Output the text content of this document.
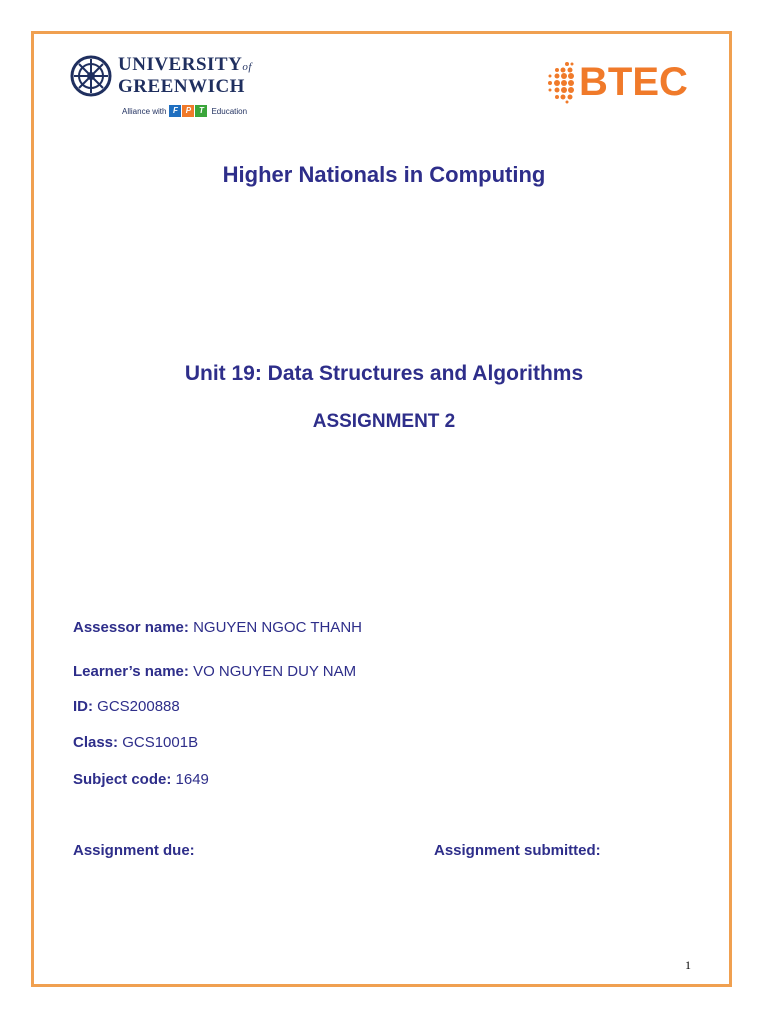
UNIVERSITYof
GREENWICH
Alliance with F P T Education
BTEC
Higher Nationals in Computing
Unit 19: Data Structures and Algorithms
ASSIGNMENT 2

Assessor name: NGUYEN NGOC THANH

Learner’s name: VO NGUYEN DUY NAM

ID: GCS200888

Class: GCS1001B

Subject code: 1649

Assignment due:	Assignment submitted:

1
